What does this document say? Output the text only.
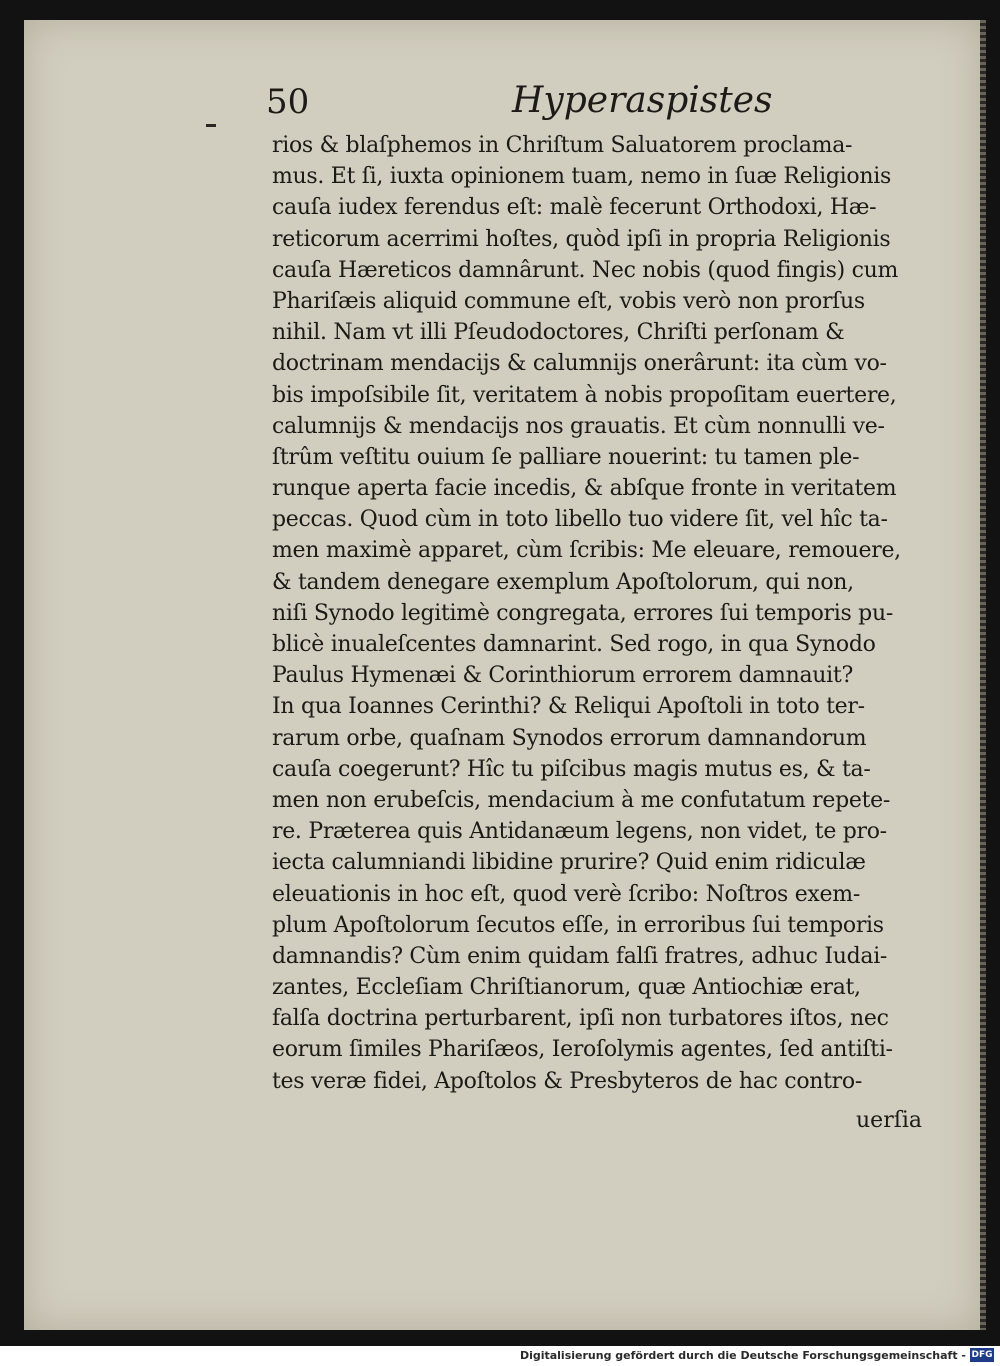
50	Hyperaspistes
rios & blaſphemos in Chriſtum Saluatorem proclama-
mus. Et ſi, iuxta opinionem tuam, nemo in ſuæ Religionis
cauſa iudex ferendus eſt: malè fecerunt Orthodoxi, Hæ-
reticorum acerrimi hoſtes, quòd ipſi in propria Religionis
cauſa Hæreticos damnârunt. Nec nobis (quod fingis) cum
Phariſæis aliquid commune eſt, vobis verò non prorſus
nihil. Nam vt illi Pſeudodoctores, Chriſti perſonam &
doctrinam mendacijs & calumnijs onerârunt: ita cùm vo-
bis impoſsibile ſit, veritatem à nobis propoſitam euertere,
calumnijs & mendacijs nos grauatis. Et cùm nonnulli ve-
ſtrûm veſtitu ouium ſe palliare nouerint: tu tamen ple-
runque aperta facie incedis, & abſque fronte in veritatem
peccas. Quod cùm in toto libello tuo videre ſit, vel hîc ta-
men maximè apparet, cùm ſcribis: Me eleuare, remouere,
& tandem denegare exemplum Apoſtolorum, qui non,
niſi Synodo legitimè congregata, errores ſui temporis pu-
blicè inualeſcentes damnarint. Sed rogo, in qua Synodo
Paulus Hymenæi & Corinthiorum errorem damnauit?
In qua Ioannes Cerinthi? & Reliqui Apoſtoli in toto ter-
rarum orbe, quaſnam Synodos errorum damnandorum
cauſa coegerunt? Hîc tu piſcibus magis mutus es, & ta-
men non erubeſcis, mendacium à me confutatum repete-
re. Præterea quis Antidanæum legens, non videt, te pro-
iecta calumniandi libidine prurire? Quid enim ridiculæ
eleuationis in hoc eſt, quod verè ſcribo: Noſtros exem-
plum Apoſtolorum ſecutos eſſe, in erroribus ſui temporis
damnandis? Cùm enim quidam falſi fratres, adhuc Iudai-
zantes, Eccleſiam Chriſtianorum, quæ Antiochiæ erat,
falſa doctrina perturbarent, ipſi non turbatores iſtos, nec
eorum ſimiles Phariſæos, Ieroſolymis agentes, ſed antiſti-
tes veræ fidei, Apoſtolos & Presbyteros de hac contro-
uerſia
Digitalisierung gefördert durch die Deutsche Forschungsgemeinschaft - DFG
